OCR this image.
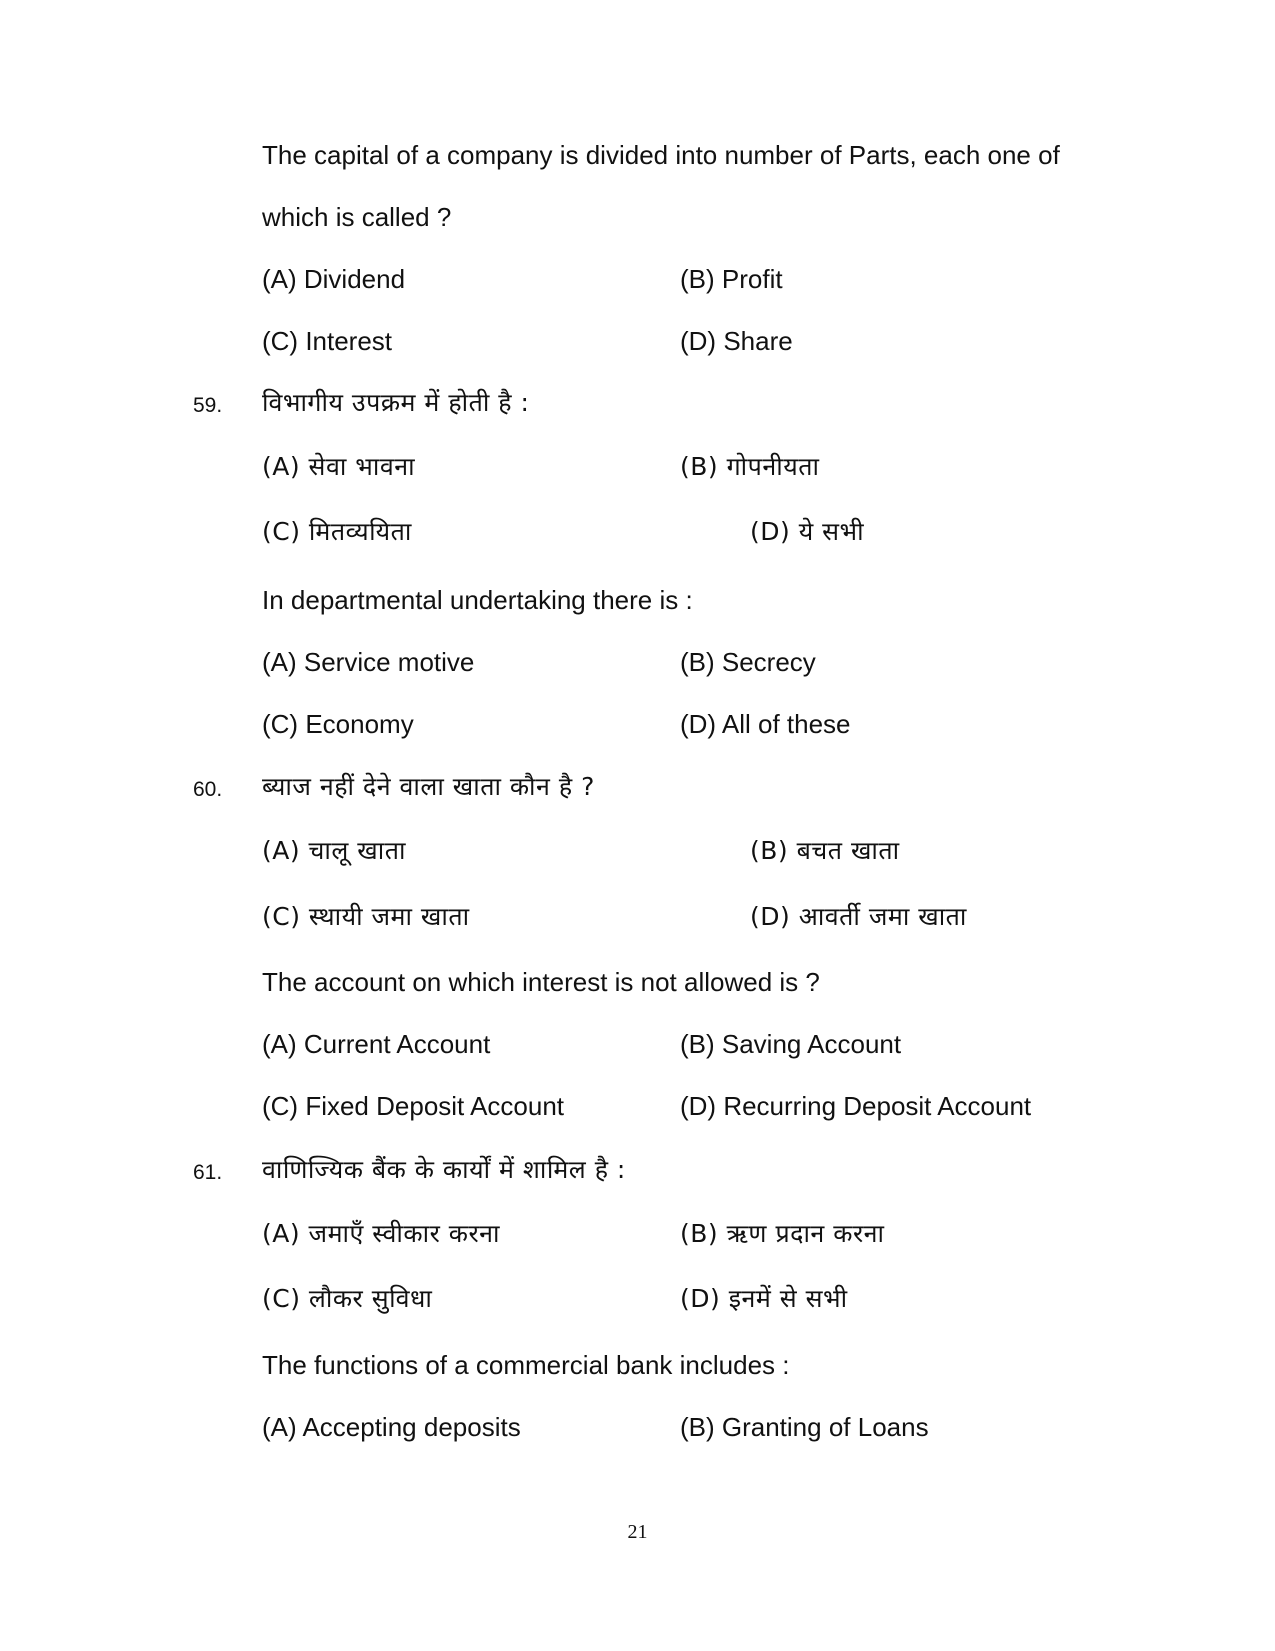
The capital of a company is divided into number of Parts, each one of
which is called ?
(A) Dividend	(B) Profit
(C) Interest	(D) Share
59. विभागीय उपक्रम में होती है :
(A) सेवा भावना	(B) गोपनीयता
(C) मितव्ययिता	(D) ये सभी
In departmental undertaking there is :
(A) Service motive	(B) Secrecy
(C) Economy	(D) All of these
60. ब्याज नहीं देने वाला खाता कौन है ?
(A) चालू खाता	(B) बचत खाता
(C) स्थायी जमा खाता	(D) आवर्ती जमा खाता
The account on which interest is not allowed is ?
(A) Current Account	(B) Saving Account
(C) Fixed Deposit Account	(D) Recurring Deposit Account
61. वाणिज्यिक बैंक के कार्यों में शामिल है :
(A) जमाएँ स्वीकार करना	(B) ऋण प्रदान करना
(C) लौकर सुविधा	(D) इनमें से सभी
The functions of a commercial bank includes :
(A) Accepting deposits	(B) Granting of Loans
21
